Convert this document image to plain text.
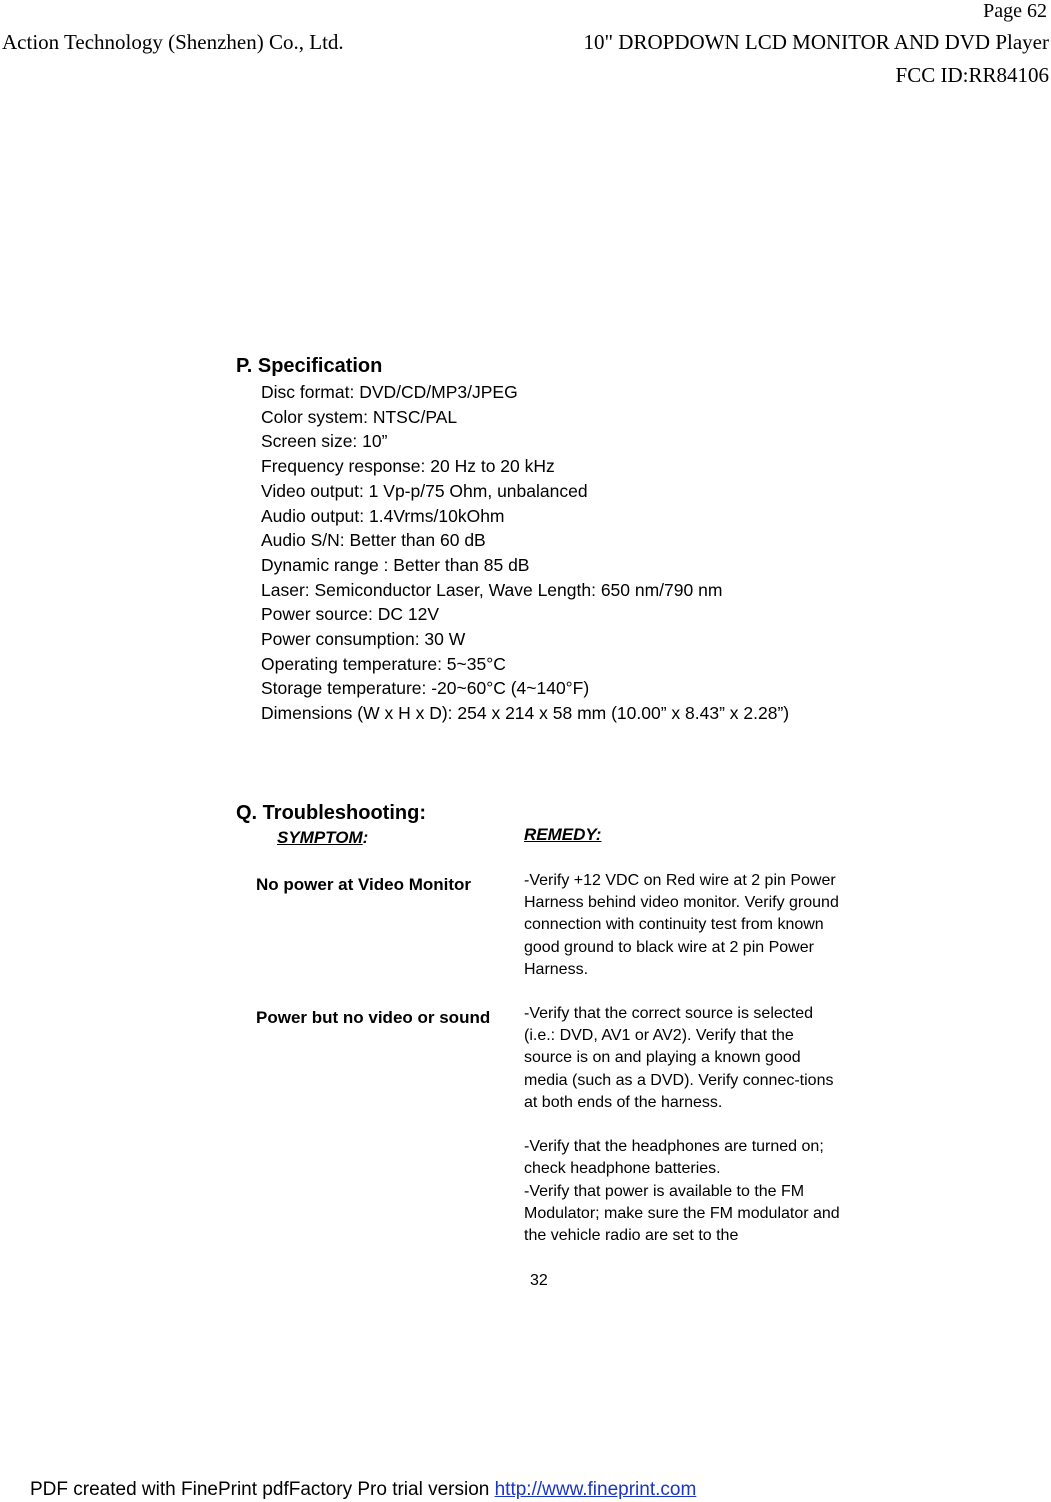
Page 62
Action Technology (Shenzhen) Co., Ltd.	10" DROPDOWN LCD MONITOR AND DVD Player
FCC ID:RR84106
P. Specification
Disc format: DVD/CD/MP3/JPEG
Color system: NTSC/PAL
Screen size: 10”
Frequency response: 20 Hz to 20 kHz
Video output: 1 Vp-p/75 Ohm, unbalanced
Audio output: 1.4Vrms/10kOhm
Audio S/N: Better than 60 dB
Dynamic range : Better than 85 dB
Laser: Semiconductor Laser, Wave Length: 650 nm/790 nm
Power source: DC 12V
Power consumption: 30 W
Operating temperature: 5~35°C
Storage temperature: -20~60°C (4~140°F)
Dimensions (W x H x D): 254 x 214 x 58 mm (10.00” x 8.43” x 2.28”)
Q. Troubleshooting:
SYMPTOM:	REMEDY:
No power at Video Monitor	-Verify +12 VDC on Red wire at 2 pin Power Harness behind video monitor. Verify ground connection with continuity test from known good ground to black wire at 2 pin Power Harness.
Power but no video or sound	-Verify that the correct source is selected (i.e.: DVD, AV1 or AV2). Verify that the source is on and playing a known good media (such as a DVD). Verify connec-tions at both ends of the harness.
-Verify that the headphones are turned on; check headphone batteries.
-Verify that power is available to the FM Modulator; make sure the FM modulator and the vehicle radio are set to the
32
PDF created with FinePrint pdfFactory Pro trial version http://www.fineprint.com
